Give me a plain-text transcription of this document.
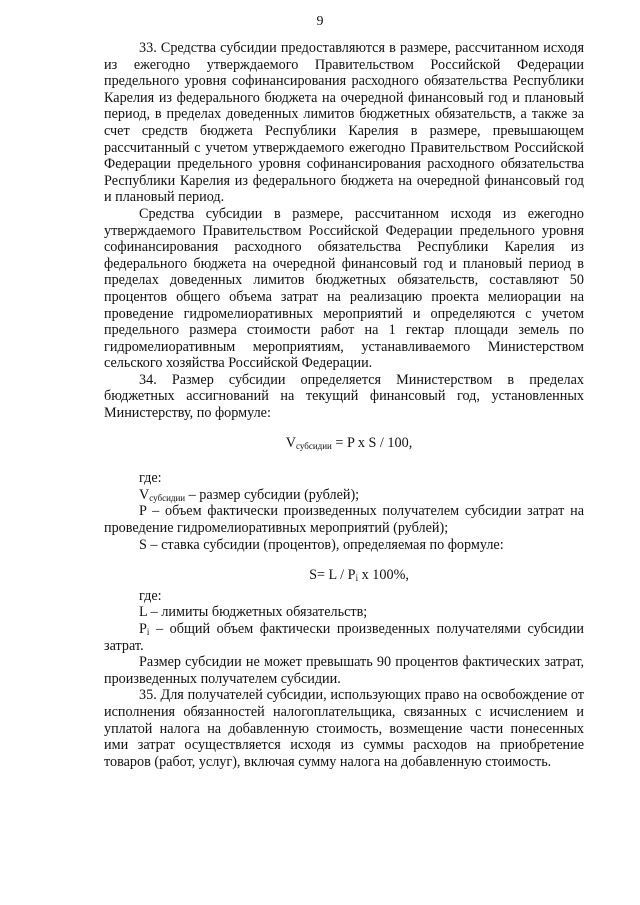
9

33. Средства субсидии предоставляются в размере, рассчитанном исходя из ежегодно утверждаемого Правительством Российской Федерации предельного уровня софинансирования расходного обязательства Республики Карелия из федерального бюджета на очередной финансовый год и плановый период, в пределах доведенных лимитов бюджетных обязательств, а также за счет средств бюджета Республики Карелия в размере, превышающем рассчитанный с учетом утверждаемого ежегодно Правительством Российской Федерации предельного уровня софинансирования расходного обязательства Республики Карелия из федерального бюджета на очередной финансовый год и плановый период.

Средства субсидии в размере, рассчитанном исходя из ежегодно утверждаемого Правительством Российской Федерации предельного уровня софинансирования расходного обязательства Республики Карелия из федерального бюджета на очередной финансовый год и плановый период в пределах доведенных лимитов бюджетных обязательств, составляют 50 процентов общего объема затрат на реализацию проекта мелиорации на проведение гидромелиоративных мероприятий и определяются с учетом предельного размера стоимости работ на 1 гектар площади земель по гидромелиоративным мероприятиям, устанавливаемого Министерством сельского хозяйства Российской Федерации.

34. Размер субсидии определяется Министерством в пределах бюджетных ассигнований на текущий финансовый год, установленных Министерству, по формуле:

$V_{субсидии} = P$ x S / 100,

где:

$V_{субсидии}$ – размер субсидии (рублей);

P – объем фактически произведенных получателем субсидии затрат на проведение гидромелиоративных мероприятий (рублей);

S – ставка субсидии (процентов), определяемая по формуле:

$S= L / P_i$ x 100%,

где:

L – лимиты бюджетных обязательств;

$P_i$ – общий объем фактически произведенных получателями субсидии затрат.

Размер субсидии не может превышать 90 процентов фактических затрат, произведенных получателем субсидии.

35. Для получателей субсидии, использующих право на освобождение от исполнения обязанностей налогоплательщика, связанных с исчислением и уплатой налога на добавленную стоимость, возмещение части понесенных ими затрат осуществляется исходя из суммы расходов на приобретение товаров (работ, услуг), включая сумму налога на добавленную стоимость.
